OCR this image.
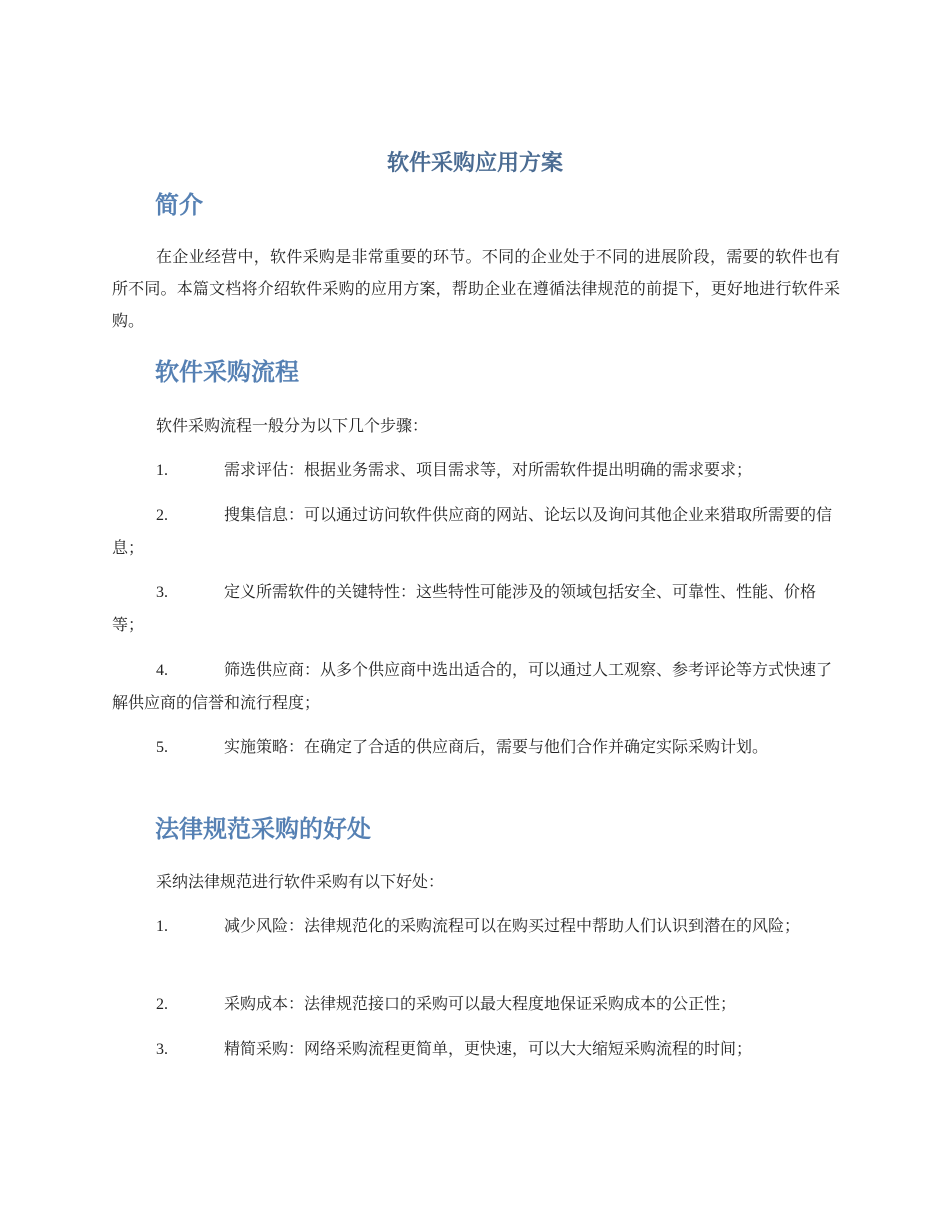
软件采购应用方案
简介

在企业经营中，软件采购是非常重要的环节。不同的企业处于不同的进展阶段，需要的软件也有所不同。本篇文档将介绍软件采购的应用方案，帮助企业在遵循法律规范的前提下，更好地进行软件采购。

软件采购流程

软件采购流程一般分为以下几个步骤：

1.	需求评估：根据业务需求、项目需求等，对所需软件提出明确的需求要求；

2.	搜集信息：可以通过访问软件供应商的网站、论坛以及询问其他企业来猎取所需要的信息；

3.	定义所需软件的关键特性：这些特性可能涉及的领域包括安全、可靠性、性能、价格等；

4.	筛选供应商：从多个供应商中选出适合的，可以通过人工观察、参考评论等方式快速了解供应商的信誉和流行程度；

5.	实施策略：在确定了合适的供应商后，需要与他们合作并确定实际采购计划。

法律规范采购的好处

采纳法律规范进行软件采购有以下好处：

1.	减少风险：法律规范化的采购流程可以在购买过程中帮助人们认识到潜在的风险；

2.	采购成本：法律规范接口的采购可以最大程度地保证采购成本的公正性；

3.	精简采购：网络采购流程更简单，更快速，可以大大缩短采购流程的时间；
